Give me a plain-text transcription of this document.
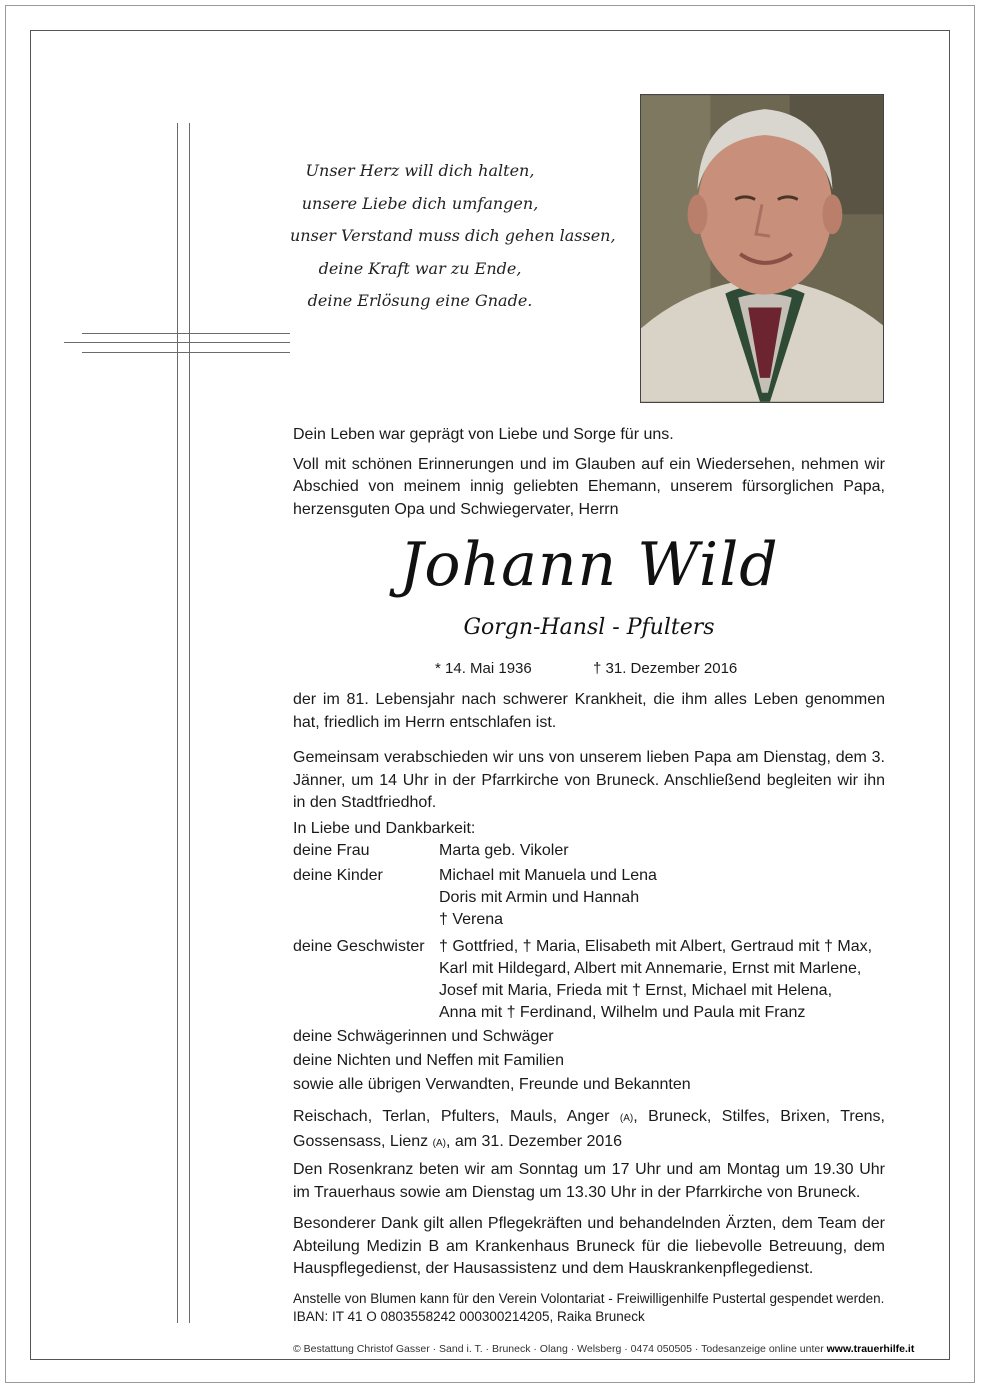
Unser Herz will dich halten,
unsere Liebe dich umfangen,
unser Verstand muss dich gehen lassen,
deine Kraft war zu Ende,
deine Erlösung eine Gnade.

Dein Leben war geprägt von Liebe und Sorge für uns.

Voll mit schönen Erinnerungen und im Glauben auf ein Wiedersehen, nehmen wir Abschied von meinem innig geliebten Ehemann, unserem fürsorglichen Papa, herzensguten Opa und Schwiegervater, Herrn

Johann Wild
Gorgn-Hansl - Pfulters
* 14. Mai 1936	† 31. Dezember 2016

der im 81. Lebensjahr nach schwerer Krankheit, die ihm alles Leben genommen hat, friedlich im Herrn entschlafen ist.

Gemeinsam verabschieden wir uns von unserem lieben Papa am Dienstag, dem 3. Jänner, um 14 Uhr in der Pfarrkirche von Bruneck. Anschließend begleiten wir ihn in den Stadtfriedhof.

In Liebe und Dankbarkeit:
deine Frau	Marta geb. Vikoler
deine Kinder	Michael mit Manuela und Lena
Doris mit Armin und Hannah
† Verena
deine Geschwister † Gottfried, † Maria, Elisabeth mit Albert, Gertraud mit † Max,
Karl mit Hildegard, Albert mit Annemarie, Ernst mit Marlene,
Josef mit Maria, Frieda mit † Ernst, Michael mit Helena,
Anna mit † Ferdinand, Wilhelm und Paula mit Franz
deine Schwägerinnen und Schwäger
deine Nichten und Neffen mit Familien
sowie alle übrigen Verwandten, Freunde und Bekannten

Reischach, Terlan, Pfulters, Mauls, Anger (A), Bruneck, Stilfes, Brixen, Trens, Gossensass, Lienz (A), am 31. Dezember 2016

Den Rosenkranz beten wir am Sonntag um 17 Uhr und am Montag um 19.30 Uhr im Trauerhaus sowie am Dienstag um 13.30 Uhr in der Pfarrkirche von Bruneck.
Besonderer Dank gilt allen Pflegekräften und behandelnden Ärzten, dem Team der Abteilung Medizin B am Krankenhaus Bruneck für die liebevolle Betreuung, dem Hauspflegedienst, der Hausassistenz und dem Hauskrankenpflegedienst.
Anstelle von Blumen kann für den Verein Volontariat - Freiwilligenhilfe Pustertal gespendet werden.
IBAN: IT 41 O 0803558242 000300214205, Raika Bruneck
© Bestattung Christof Gasser · Sand i. T. · Bruneck · Olang · Welsberg · 0474 050505 · Todesanzeige online unter www.trauerhilfe.it
